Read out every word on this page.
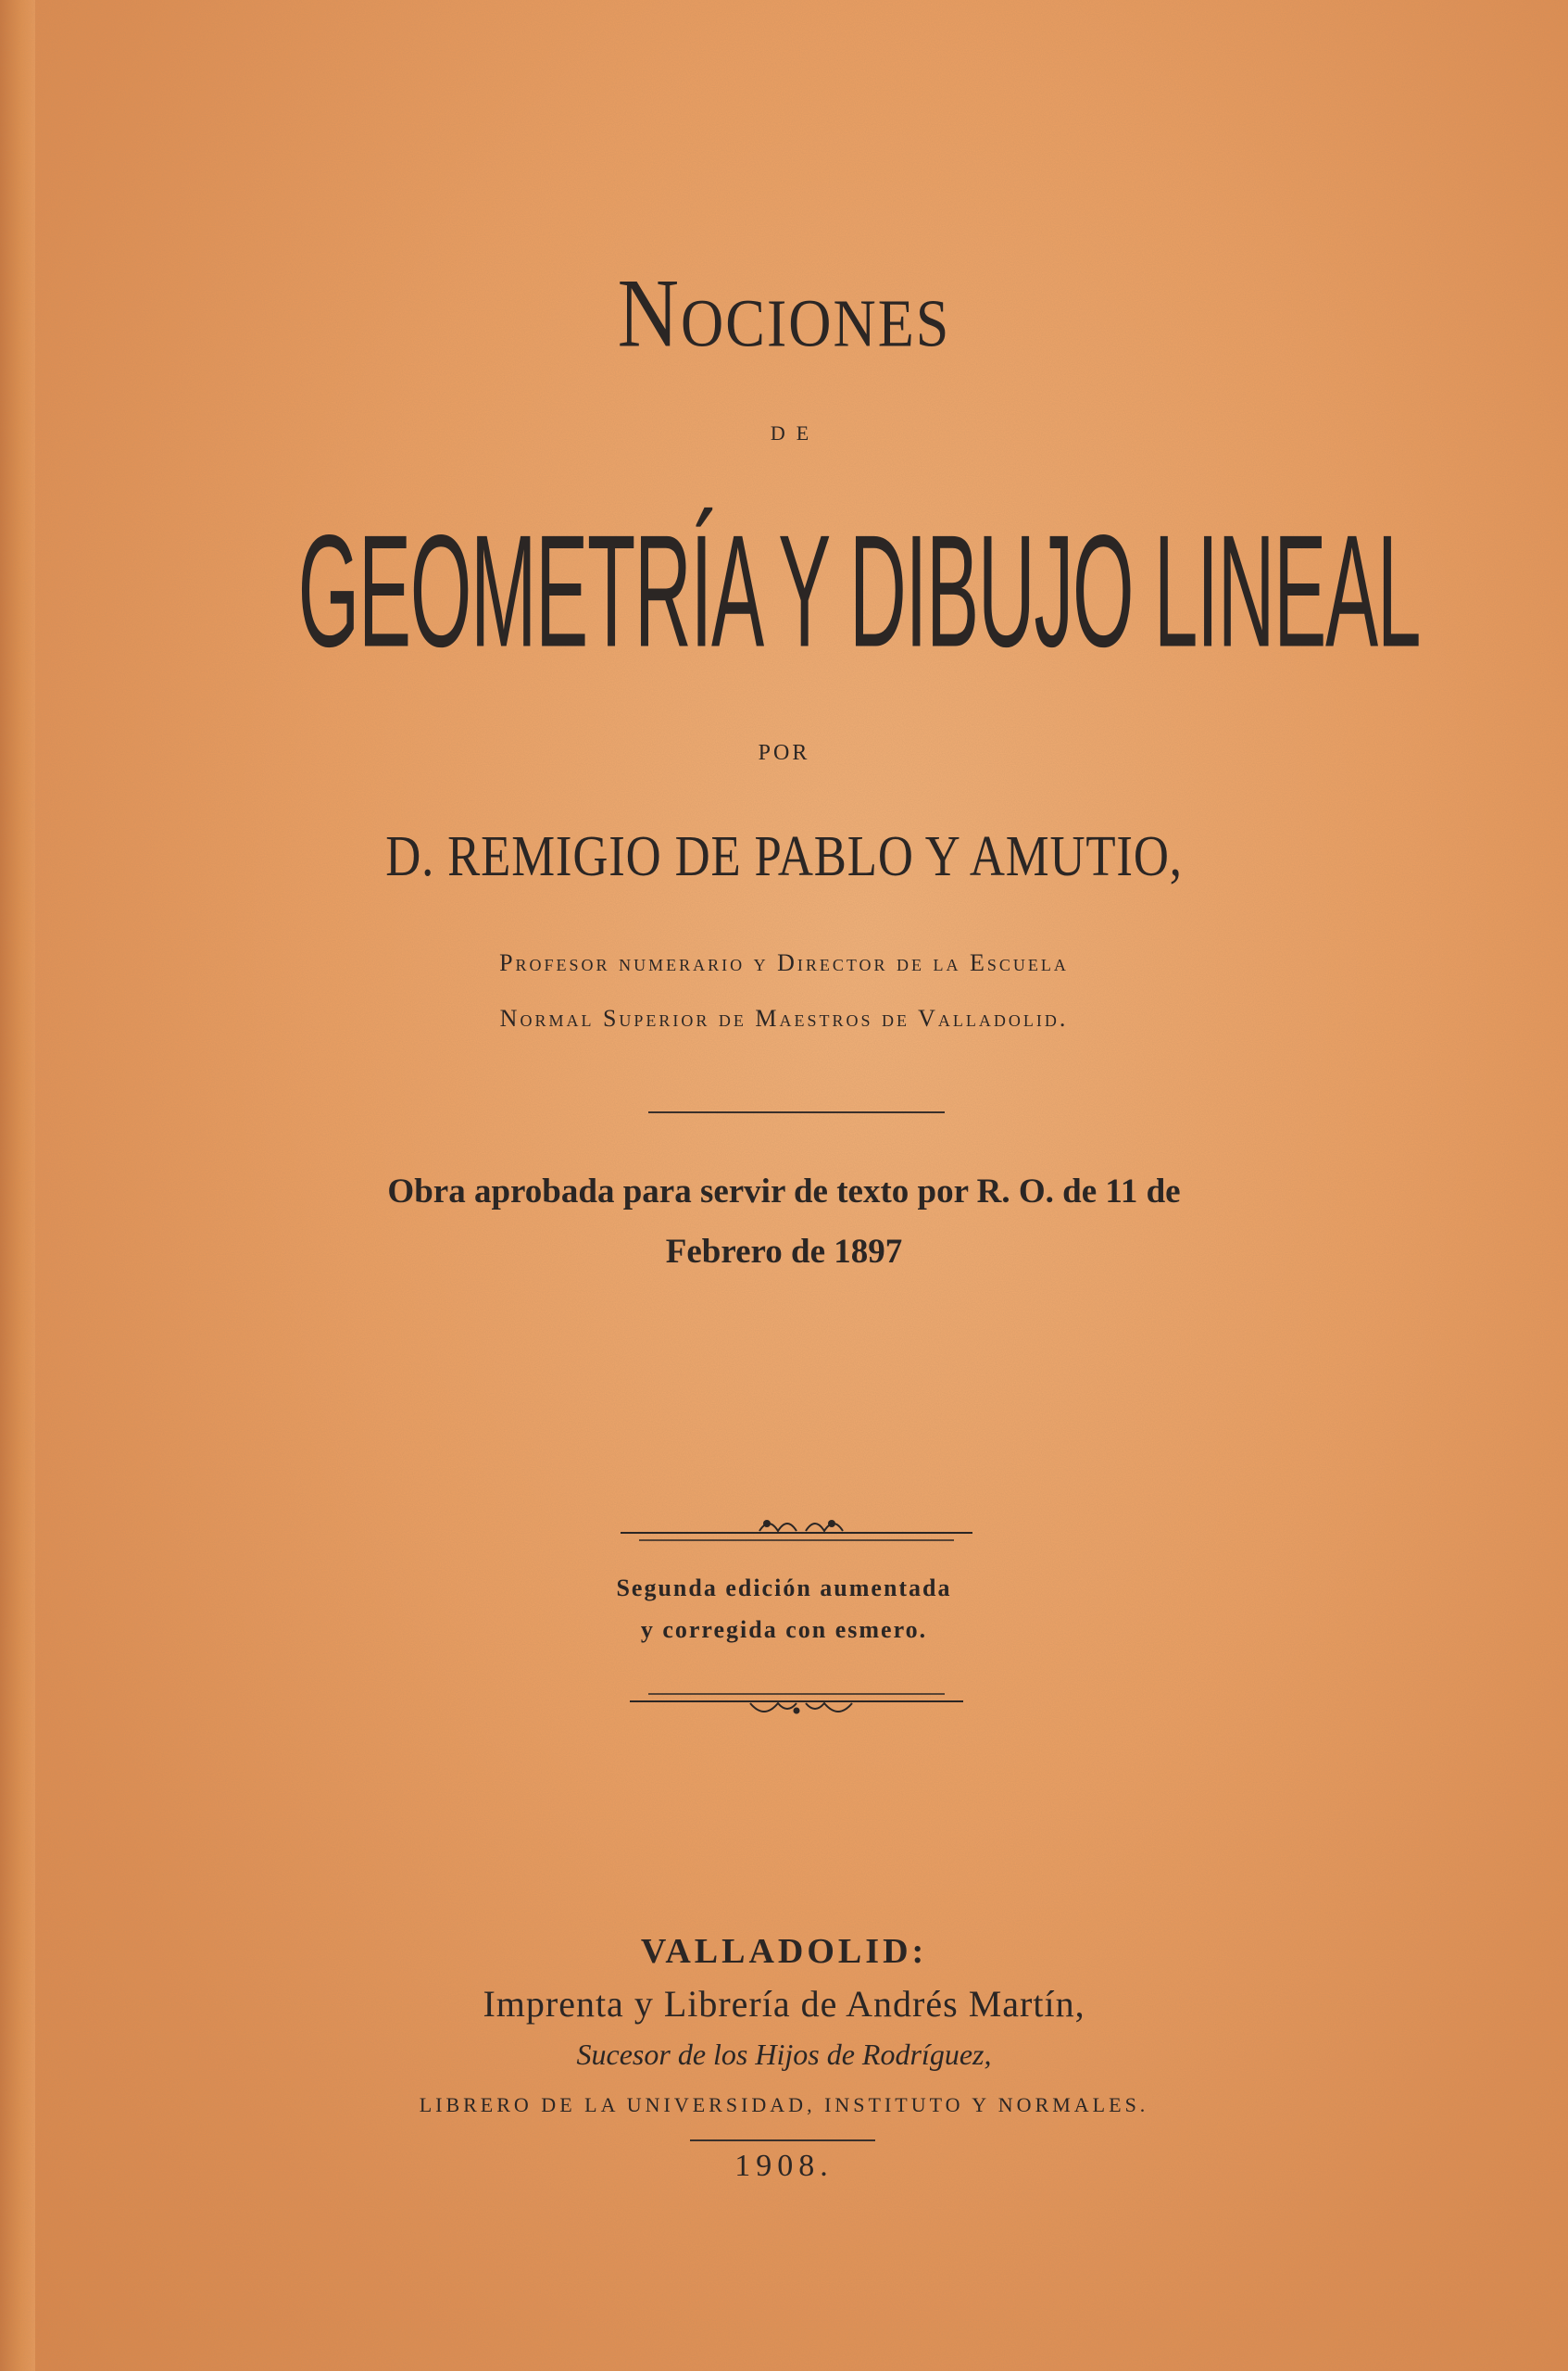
Nociones
DE
GEOMETRÍA Y DIBUJO LINEAL
POR
D. REMIGIO DE PABLO Y AMUTIO,
Profesor numerario y Director de la Escuela
Normal Superior de Maestros de Valladolid.
Obra aprobada para servir de texto por R. O. de 11 de
Febrero de 1897
Segunda edición aumentada
y corregida con esmero.
VALLADOLID:
Imprenta y Librería de Andrés Martín,
Sucesor de los Hijos de Rodríguez,
LIBRERO DE LA UNIVERSIDAD, INSTITUTO Y NORMALES.
1908.
